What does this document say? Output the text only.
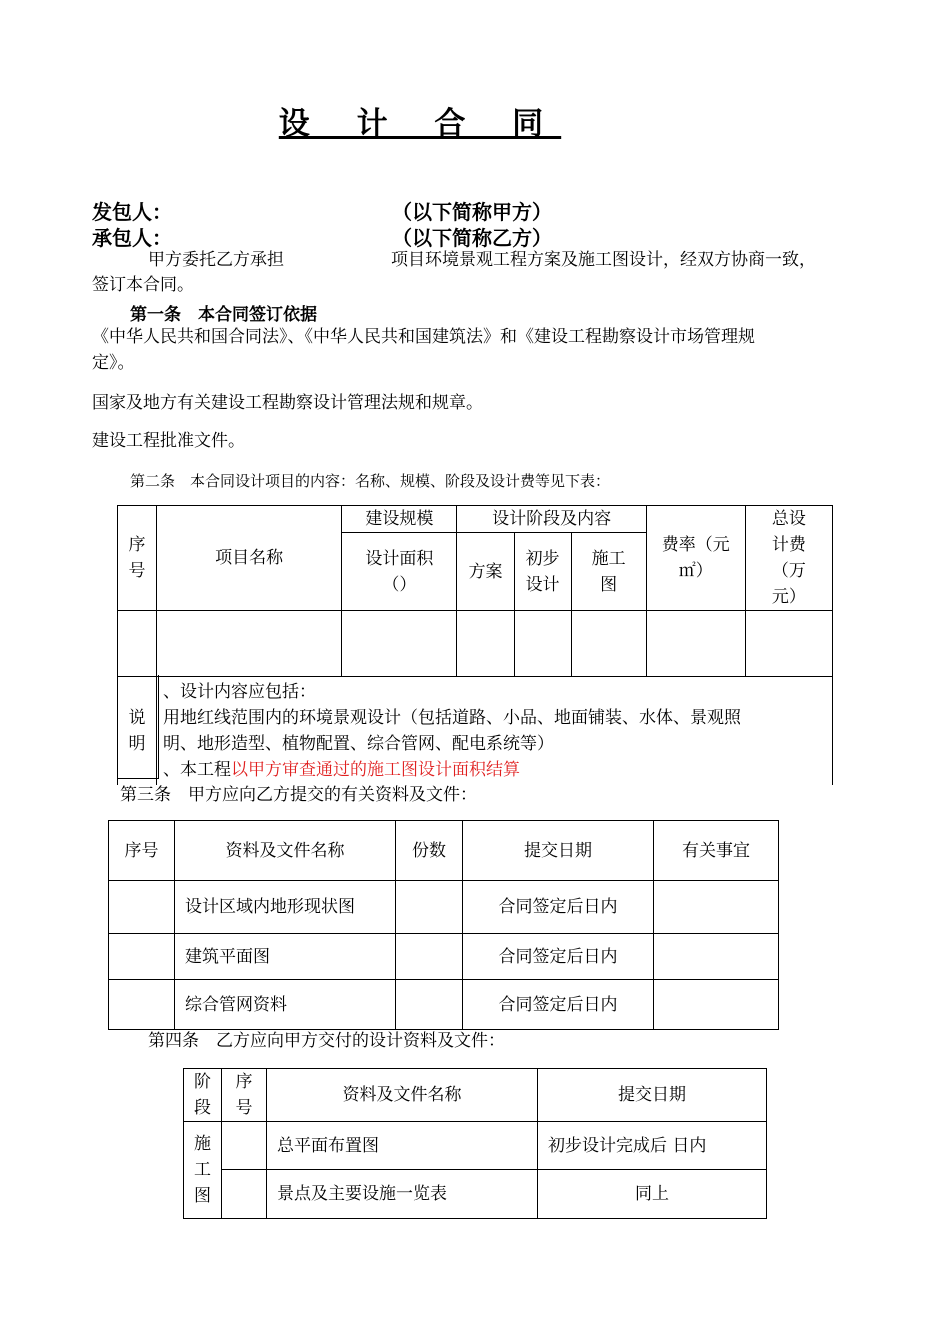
设 计 合 同
发包人：	（以下简称甲方）
承包人：	（以下简称乙方）
甲方委托乙方承担	项目环境景观工程方案及施工图设计，经双方协商一致，
签订本合同。
第一条　本合同签订依据
《中华人民共和国合同法》、《中华人民共和国建筑法》和《建设工程勘察设计市场管理规
定》。
国家及地方有关建设工程勘察设计管理法规和规章。
建设工程批准文件。
第二条　本合同设计项目的内容：名称、规模、阶段及设计费等见下表：
序号	项目名称	建设规模	设计阶段及内容			费率（元㎡）	总设计费（万元）

		设计面积（）	方案	初步设计	施工图		

说明	、设计内容应包括：
用地红线范围内的环境景观设计（包括道路、小品、地面铺装、水体、景观照
明、地形造型、植物配置、综合管网、配电系统等）
、本工程以甲方审查通过的施工图设计面积结算						
第三条　甲方应向乙方提交的有关资料及文件：
序号	资料及文件名称	份数	提交日期	有关事宜
	设计区域内地形现状图		合同签定后日内	
	建筑平面图		合同签定后日内	
	综合管网资料		合同签定后日内	
第四条　乙方应向甲方交付的设计资料及文件：
阶段	序号	资料及文件名称	提交日期

施工图		总平面布置图	初步设计完成后 日内
		景点及主要设施一览表	同上
